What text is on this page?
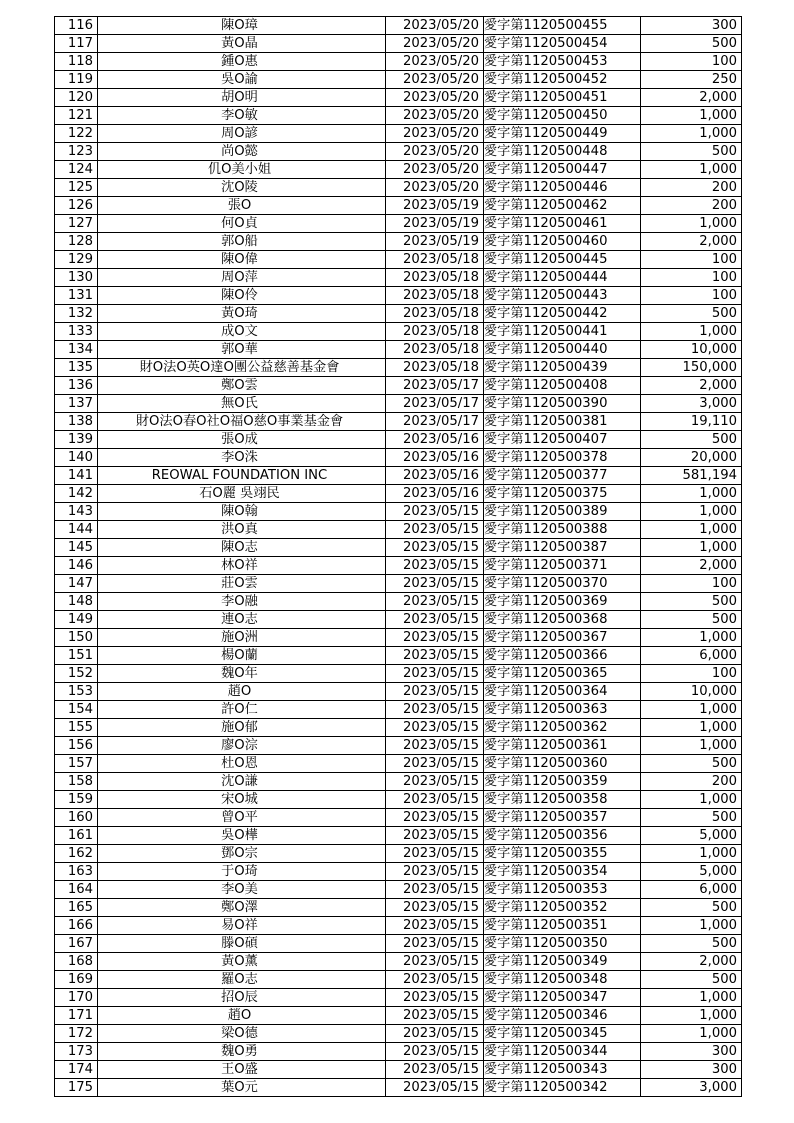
116	陳O璋	2023/05/20	愛字第1120500455	300
117	黃O晶	2023/05/20	愛字第1120500454	500
118	鍾O惠	2023/05/20	愛字第1120500453	100
119	吳O諭	2023/05/20	愛字第1120500452	250
120	胡O明	2023/05/20	愛字第1120500451	2,000
121	李O敏	2023/05/20	愛字第1120500450	1,000
122	周O諺	2023/05/20	愛字第1120500449	1,000
123	尚O懿	2023/05/20	愛字第1120500448	500
124	仉O美小姐	2023/05/20	愛字第1120500447	1,000
125	沈O陵	2023/05/20	愛字第1120500446	200
126	張O	2023/05/19	愛字第1120500462	200
127	何O貞	2023/05/19	愛字第1120500461	1,000
128	郭O船	2023/05/19	愛字第1120500460	2,000
129	陳O偉	2023/05/18	愛字第1120500445	100
130	周O萍	2023/05/18	愛字第1120500444	100
131	陳O伶	2023/05/18	愛字第1120500443	100
132	黃O琦	2023/05/18	愛字第1120500442	500
133	成O文	2023/05/18	愛字第1120500441	1,000
134	郭O華	2023/05/18	愛字第1120500440	10,000
135	財O法O英O達O團公益慈善基金會	2023/05/18	愛字第1120500439	150,000
136	鄭O雲	2023/05/17	愛字第1120500408	2,000
137	無O氏	2023/05/17	愛字第1120500390	3,000
138	財O法O春O社O福O慈O事業基金會	2023/05/17	愛字第1120500381	19,110
139	張O成	2023/05/16	愛字第1120500407	500
140	李O洙	2023/05/16	愛字第1120500378	20,000
141	REOWAL FOUNDATION INC	2023/05/16	愛字第1120500377	581,194
142	石O麗 吳翊民	2023/05/16	愛字第1120500375	1,000
143	陳O翰	2023/05/15	愛字第1120500389	1,000
144	洪O真	2023/05/15	愛字第1120500388	1,000
145	陳O志	2023/05/15	愛字第1120500387	1,000
146	林O祥	2023/05/15	愛字第1120500371	2,000
147	莊O雲	2023/05/15	愛字第1120500370	100
148	李O融	2023/05/15	愛字第1120500369	500
149	連O志	2023/05/15	愛字第1120500368	500
150	施O洲	2023/05/15	愛字第1120500367	1,000
151	楊O蘭	2023/05/15	愛字第1120500366	6,000
152	魏O年	2023/05/15	愛字第1120500365	100
153	趙O	2023/05/15	愛字第1120500364	10,000
154	許O仁	2023/05/15	愛字第1120500363	1,000
155	施O郁	2023/05/15	愛字第1120500362	1,000
156	廖O淙	2023/05/15	愛字第1120500361	1,000
157	杜O恩	2023/05/15	愛字第1120500360	500
158	沈O謙	2023/05/15	愛字第1120500359	200
159	宋O城	2023/05/15	愛字第1120500358	1,000
160	曾O平	2023/05/15	愛字第1120500357	500
161	吳O樺	2023/05/15	愛字第1120500356	5,000
162	鄧O宗	2023/05/15	愛字第1120500355	1,000
163	于O琦	2023/05/15	愛字第1120500354	5,000
164	李O美	2023/05/15	愛字第1120500353	6,000
165	鄭O澤	2023/05/15	愛字第1120500352	500
166	易O祥	2023/05/15	愛字第1120500351	1,000
167	滕O碩	2023/05/15	愛字第1120500350	500
168	黃O薰	2023/05/15	愛字第1120500349	2,000
169	羅O志	2023/05/15	愛字第1120500348	500
170	招O辰	2023/05/15	愛字第1120500347	1,000
171	趙O	2023/05/15	愛字第1120500346	1,000
172	梁O德	2023/05/15	愛字第1120500345	1,000
173	魏O勇	2023/05/15	愛字第1120500344	300
174	王O盛	2023/05/15	愛字第1120500343	300
175	葉O元	2023/05/15	愛字第1120500342	3,000
